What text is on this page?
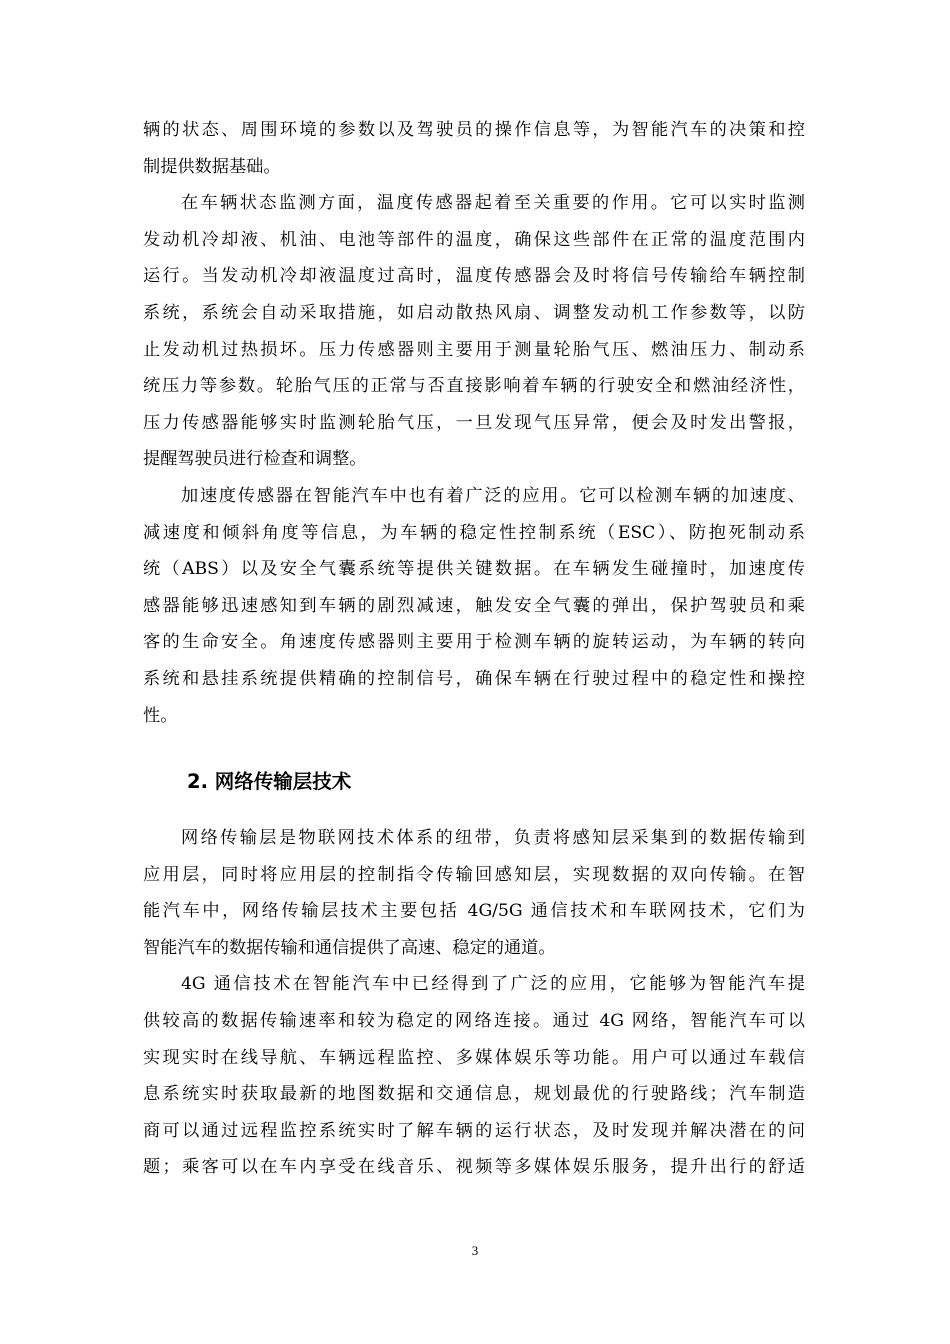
辆的状态、周围环境的参数以及驾驶员的操作信息等，为智能汽车的决策和控
制提供数据基础。
在车辆状态监测方面，温度传感器起着至关重要的作用。它可以实时监测
发动机冷却液、机油、电池等部件的温度，确保这些部件在正常的温度范围内
运行。当发动机冷却液温度过高时，温度传感器会及时将信号传输给车辆控制
系统，系统会自动采取措施，如启动散热风扇、调整发动机工作参数等，以防
止发动机过热损坏。压力传感器则主要用于测量轮胎气压、燃油压力、制动系
统压力等参数。轮胎气压的正常与否直接影响着车辆的行驶安全和燃油经济性，
压力传感器能够实时监测轮胎气压，一旦发现气压异常，便会及时发出警报，
提醒驾驶员进行检查和调整。
加速度传感器在智能汽车中也有着广泛的应用。它可以检测车辆的加速度、
减速度和倾斜角度等信息，为车辆的稳定性控制系统（ESC）、防抱死制动系
统（ABS）以及安全气囊系统等提供关键数据。在车辆发生碰撞时，加速度传
感器能够迅速感知到车辆的剧烈减速，触发安全气囊的弹出，保护驾驶员和乘
客的生命安全。角速度传感器则主要用于检测车辆的旋转运动，为车辆的转向
系统和悬挂系统提供精确的控制信号，确保车辆在行驶过程中的稳定性和操控
性。
2. 网络传输层技术
网络传输层是物联网技术体系的纽带，负责将感知层采集到的数据传输到
应用层，同时将应用层的控制指令传输回感知层，实现数据的双向传输。在智
能汽车中，网络传输层技术主要包括 4G/5G 通信技术和车联网技术，它们为
智能汽车的数据传输和通信提供了高速、稳定的通道。
4G 通信技术在智能汽车中已经得到了广泛的应用，它能够为智能汽车提
供较高的数据传输速率和较为稳定的网络连接。通过 4G 网络，智能汽车可以
实现实时在线导航、车辆远程监控、多媒体娱乐等功能。用户可以通过车载信
息系统实时获取最新的地图数据和交通信息，规划最优的行驶路线；汽车制造
商可以通过远程监控系统实时了解车辆的运行状态，及时发现并解决潜在的问
题；乘客可以在车内享受在线音乐、视频等多媒体娱乐服务，提升出行的舒适
3
